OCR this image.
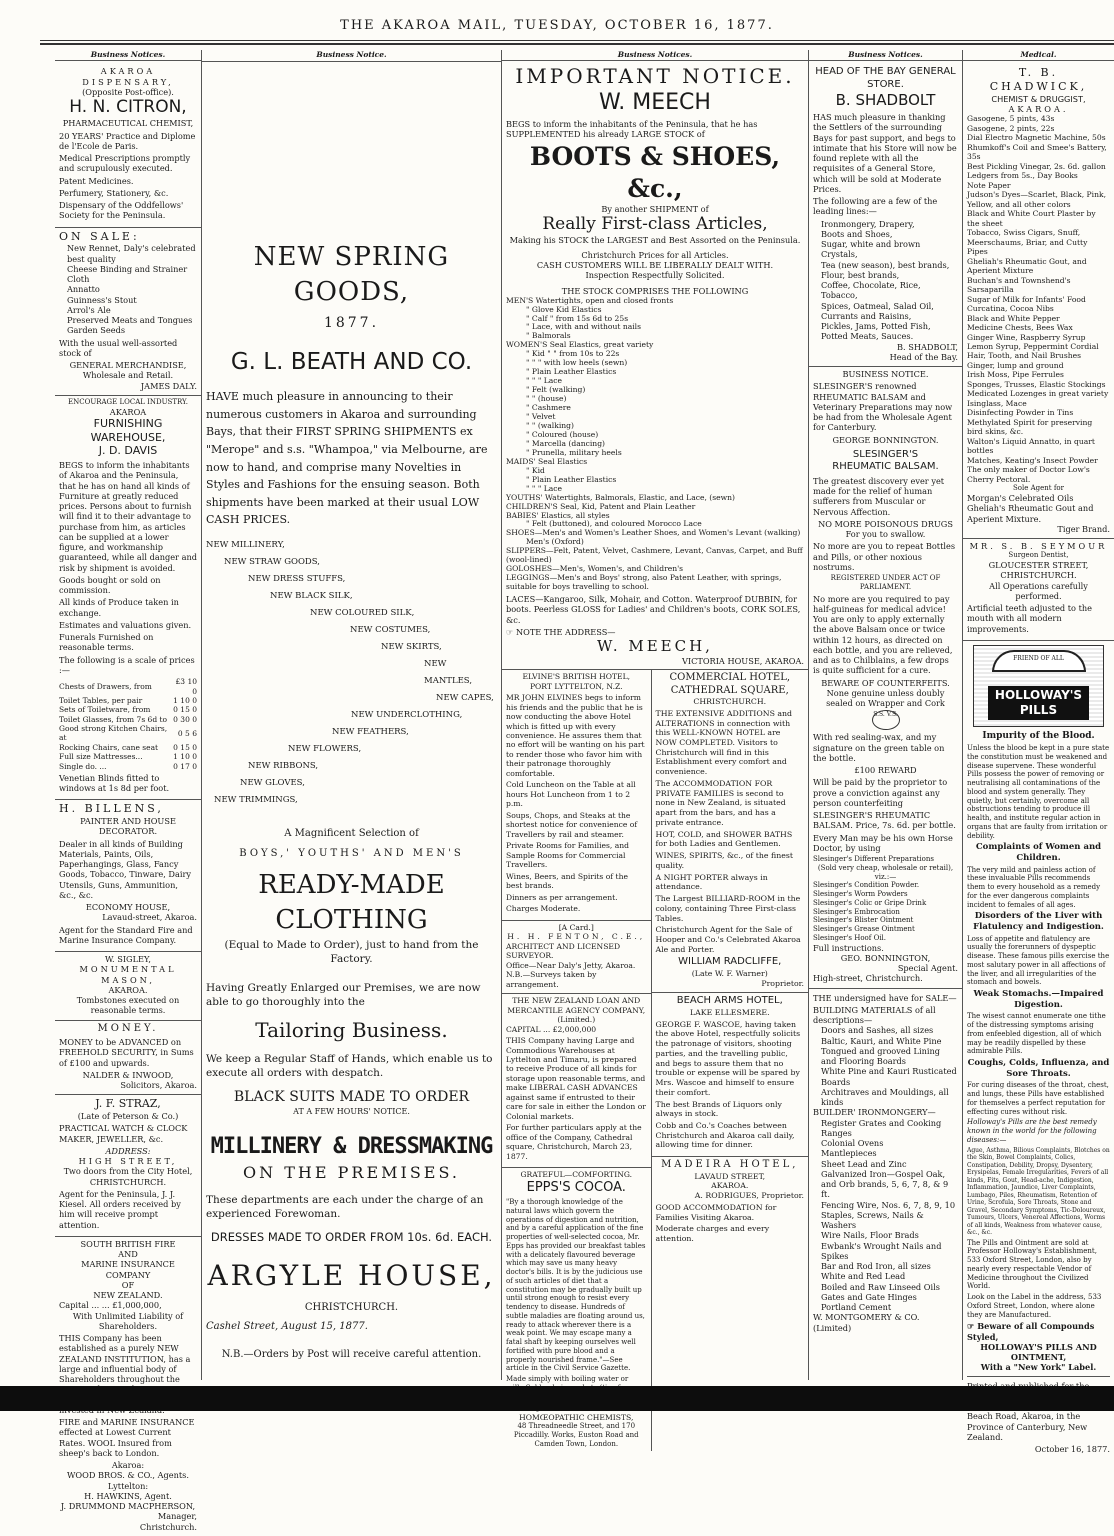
THE AKAROA MAIL, TUESDAY, OCTOBER 16, 1877.
Business Notices.
AKAROA DISPENSARY,
(Opposite Post-office).
H. N. CITRON,
PHARMACEUTICAL CHEMIST,

20 YEARS' Practice and Diplome de l'Ecole de Paris.

Medical Prescriptions promptly and scrupulously executed.

Patent Medicines.

Perfumery, Stationery, &c.

Dispensary of the Oddfellows' Society for the Peninsula.

ON SALE:
New Rennet, Daly's celebrated best quality
Cheese Binding and Strainer Cloth
Annatto
Guinness's Stout
Arrol's Ale
Preserved Meats and Tongues
Garden Seeds

With the usual well-assorted stock of

GENERAL MERCHANDISE,
Wholesale and Retail.
JAMES DALY.
ENCOURAGE LOCAL INDUSTRY.
AKAROA
FURNISHING WAREHOUSE,
J. D. DAVIS

BEGS to inform the inhabitants of Akaroa and the Peninsula, that he has on hand all kinds of Furniture at greatly reduced prices. Persons about to furnish will find it to their advantage to purchase from him, as articles can be supplied at a lower figure, and workmanship guaranteed, while all danger and risk by shipment is avoided.

Goods bought or sold on commission.

All kinds of Produce taken in exchange.

Estimates and valuations given.

Funerals Furnished on reasonable terms.

The following is a scale of prices :—

Chests of Drawers, from	£3 10 0
Toilet Tables, per pair	1 10 0
Sets of Toiletware, from	0 15 0
Toilet Glasses, from 7s 6d to	0 30 0
Good strong Kitchen Chairs, at	0 5 6
Rocking Chairs, cane seat	0 15 0
Full size Mattresses...	1 10 0
Single do. ...	0 17 0

Venetian Blinds fitted to windows at 1s 8d per foot.

H. BILLENS,
PAINTER AND HOUSE DECORATOR.

Dealer in all kinds of Building Materials, Paints, Oils, Paperhangings, Glass, Fancy Goods, Tobacco, Tinware, Dairy Utensils, Guns, Ammunition, &c., &c.

ECONOMY HOUSE,
Lavaud-street, Akaroa.

Agent for the Standard Fire and Marine Insurance Company.

W. SIGLEY,
MONUMENTAL MASON,
AKAROA.
Tombstones executed on reasonable terms.
MONEY.

MONEY to be ADVANCED on FREEHOLD SECURITY, in Sums of £100 and upwards.

NALDER & INWOOD,
Solicitors, Akaroa.
J. F. STRAZ,
(Late of Peterson & Co.)

PRACTICAL WATCH & CLOCK MAKER, JEWELLER, &c.

ADDRESS:
HIGH STREET,
Two doors from the City Hotel,
CHRISTCHURCH.

Agent for the Peninsula, J. J. Kiesel. All orders received by him will receive prompt attention.

SOUTH BRITISH FIRE
AND
MARINE INSURANCE COMPANY
OF
NEW ZEALAND.
Capital ... ... £1,000,000,
With Unlimited Liability of Shareholders.

THIS Company has been established as a purely NEW ZEALAND INSTITUTION, has a large and influential body of Shareholders throughout the

FIRE and MARINE INSURANCE effected at Lowest Current Rates. WOOL Insured from sheep's back to London.

Akaroa:
WOOD BROS. & CO., Agents.
Lyttelton:
H. HAWKINS, Agent.
J. DRUMMOND MACPHERSON,
Manager,
Christchurch.
Business Notice.
NEW SPRING GOODS,
1877.
G. L. BEATH AND CO.

HAVE much pleasure in announcing to their numerous customers in Akaroa and surrounding Bays, that their FIRST SPRING SHIPMENTS ex "Merope" and s.s. "Whampoa," via Melbourne, are now to hand, and comprise many Novelties in Styles and Fashions for the ensuing season. Both shipments have been marked at their usual LOW CASH PRICES.

NEW MILLINERY,
NEW STRAW GOODS,
NEW DRESS STUFFS,
NEW BLACK SILK,
NEW COLOURED SILK,
NEW COSTUMES,
NEW SKIRTS,
NEW MANTLES,
NEW CAPES,
NEW UNDERCLOTHING,
NEW FEATHERS,
NEW FLOWERS,
NEW RIBBONS,
NEW GLOVES,
NEW TRIMMINGS,
A Magnificent Selection of
BOYS,' YOUTHS' AND MEN'S
READY-MADE CLOTHING
(Equal to Made to Order), just to hand from the Factory.

Having Greatly Enlarged our Premises, we are now able to go thoroughly into the

Tailoring Business.

We keep a Regular Staff of Hands, which enable us to execute all orders with despatch.

BLACK SUITS MADE TO ORDER
AT A FEW HOURS' NOTICE.
MILLINERY & DRESSMAKING
ON THE PREMISES.

These departments are each under the charge of an experienced Forewoman.

DRESSES MADE TO ORDER FROM 10s. 6d. EACH.
ARGYLE HOUSE,
CHRISTCHURCH.
Cashel Street, August 15, 1877.
N.B.—Orders by Post will receive careful attention.
Business Notices.
IMPORTANT NOTICE.
W. MEECH

BEGS to inform the inhabitants of the Peninsula, that he has SUPPLEMENTED his already LARGE STOCK of

BOOTS & SHOES, &c.,
By another SHIPMENT of
Really First-class Articles,
Making his STOCK the LARGEST and Best Assorted on the Peninsula.
Christchurch Prices for all Articles.
CASH CUSTOMERS WILL BE LIBERALLY DEALT WITH.
Inspection Respectfully Solicited.
THE STOCK COMPRISES THE FOLLOWING
MEN'S Watertights, open and closed fronts
" Glove Kid Elastics
" Calf " from 15s 6d to 25s
" Lace, with and without nails
" Balmorals
WOMEN'S Seal Elastics, great variety
" Kid " " from 10s to 22s
" " " with low heels (sewn)
" Plain Leather Elastics
" " " Lace
" Felt (walking)
" " (house)
" Cashmere
" Velvet
" " (walking)
" Coloured (house)
" Marcella (dancing)
" Prunella, military heels
MAIDS' Seal Elastics
" Kid
" Plain Leather Elastics
" " " Lace
YOUTHS' Watertights, Balmorals, Elastic, and Lace, (sewn)
CHILDREN'S Seal, Kid, Patent and Plain Leather
BABIES' Elastics, all styles
" Felt (buttoned), and coloured Morocco Lace
SHOES—Men's and Women's Leather Shoes, and Women's Levant (walking)
Men's (Oxford)
SLIPPERS—Felt, Patent, Velvet, Cashmere, Levant, Canvas, Carpet, and Buff (wool-lined)
GOLOSHES—Men's, Women's, and Children's
LEGGINGS—Men's and Boys' strong, also Patent Leather, with springs, suitable for boys travelling to school.

LACES—Kangaroo, Silk, Mohair, and Cotton. Waterproof DUBBIN, for boots. Peerless GLOSS for Ladies' and Children's boots, CORK SOLES, &c.

☞ NOTE THE ADDRESS—
W. MEECH,
VICTORIA HOUSE, AKAROA.
ELVINE'S BRITISH HOTEL,
PORT LYTTELTON, N.Z.

MR JOHN ELVINES begs to inform his friends and the public that he is now conducting the above Hotel which is fitted up with every convenience. He assures them that no effort will be wanting on his part to render those who favor him with their patronage thoroughly comfortable.

Cold Luncheon on the Table at all hours Hot Luncheon from 1 to 2 p.m.

Soups, Chops, and Steaks at the shortest notice for convenience of Travellers by rail and steamer.

Private Rooms for Families, and Sample Rooms for Commercial Travellers.

Wines, Beers, and Spirits of the best brands.

Dinners as per arrangement.

Charges Moderate.

[A Card.]
H. H. FENTON, C.E.,
ARCHITECT AND LICENSED SURVEYOR.
Office—Near Daly's Jetty, Akaroa.
N.B.—Surveys taken by arrangement.
THE NEW ZEALAND LOAN AND MERCANTILE AGENCY COMPANY,
(Limited.)
CAPITAL ... £2,000,000

THIS Company having Large and Commodious Warehouses at Lyttelton and Timaru, is prepared to receive Produce of all kinds for storage upon reasonable terms, and make LIBERAL CASH ADVANCES against same if entrusted to their care for sale in either the London or Colonial markets.

For further particulars apply at the office of the Company, Cathedral square, Christchurch, March 23, 1877.

GRATEFUL—COMFORTING.
EPPS'S COCOA.

"By a thorough knowledge of the natural laws which govern the operations of digestion and nutrition, and by a careful application of the fine properties of well-selected cocoa, Mr. Epps has provided our breakfast tables with a delicately flavoured beverage which may save us many heavy doctor's bills. It is by the judicious use of such articles of diet that a constitution may be gradually built up until strong enough to resist every tendency to disease. Hundreds of subtle maladies are floating around us, ready to attack wherever there is a weak point. We may escape many a fatal shaft by keeping ourselves well fortified with pure blood and a properly nourished frame."—See article in the Civil Service Gazette.

Made simply with boiling water or

HOMŒOPATHIC CHEMISTS,
48 Threadneedle Street, and 170 Piccadilly. Works, Euston Road and Camden Town, London.
COMMERCIAL HOTEL,
CATHEDRAL SQUARE,
CHRISTCHURCH.

THE EXTENSIVE ADDITIONS and ALTERATIONS in connection with this WELL-KNOWN HOTEL are NOW COMPLETED. Visitors to Christchurch will find in this Establishment every comfort and convenience.

The ACCOMMODATION FOR PRIVATE FAMILIES is second to none in New Zealand, is situated apart from the bars, and has a private entrance.

HOT, COLD, and SHOWER BATHS for both Ladies and Gentlemen.

WINES, SPIRITS, &c., of the finest quality.

A NIGHT PORTER always in attendance.

The Largest BILLIARD-ROOM in the colony, containing Three First-class Tables.

Christchurch Agent for the Sale of Hooper and Co.'s Celebrated Akaroa Ale and Porter.

WILLIAM RADCLIFFE,
(Late W. F. Warner)
Proprietor.
BEACH ARMS HOTEL,
LAKE ELLESMERE.

GEORGE F. WASCOE, having taken the above Hotel, respectfully solicits the patronage of visitors, shooting parties, and the travelling public, and begs to assure them that no trouble or expense will be spared by Mrs. Wascoe and himself to ensure their comfort.

The best Brands of Liquors only always in stock.

Cobb and Co.'s Coaches between Christchurch and Akaroa call daily, allowing time for dinner.

MADEIRA HOTEL,
LAVAUD STREET,
AKAROA.
A. RODRIGUES, Proprietor.

GOOD ACCOMMODATION for Families Visiting Akaroa.

Moderate charges and every attention.

Business Notices.
HEAD OF THE BAY GENERAL STORE.
B. SHADBOLT

HAS much pleasure in thanking the Settlers of the surrounding Bays for past support, and begs to intimate that his Store will now be found replete with all the requisites of a General Store, which will be sold at Moderate Prices.

The following are a few of the leading lines:—

Ironmongery, Drapery,
Boots and Shoes,
Sugar, white and brown Crystals,
Tea (new season), best brands,
Flour, best brands,
Coffee, Chocolate, Rice, Tobacco,
Spices, Oatmeal, Salad Oil,
Currants and Raisins,
Pickles, Jams, Potted Fish,
Potted Meats, Sauces.
B. SHADBOLT,
Head of the Bay.
BUSINESS NOTICE.

SLESINGER'S renowned RHEUMATIC BALSAM and Veterinary Preparations may now be had from the Wholesale Agent for Canterbury.

GEORGE BONNINGTON.
SLESINGER'S
RHEUMATIC BALSAM.

The greatest discovery ever yet made for the relief of human sufferers from Muscular or Nervous Affection.

NO MORE POISONOUS DRUGS
For you to swallow.

No more are you to repeat Bottles and Pills, or other noxious nostrums.

REGISTERED UNDER ACT OF PARLIAMENT.

No more are you required to pay half-guineas for medical advice! You are only to apply externally the above Balsam once or twice within 12 hours, as directed on each bottle, and you are relieved, and as to Chilblains, a few drops is quite sufficient for a cure.

BEWARE OF COUNTERFEITS.
None genuine unless doubly sealed on Wrapper and Cork
S.S. V.S.

With red sealing-wax, and my signature on the green table on the bottle.

£100 REWARD

Will be paid by the proprietor to prove a conviction against any person counterfeiting

SLESINGER'S RHEUMATIC BALSAM. Price, 7s. 6d. per bottle.

Every Man may be his own Horse Doctor, by using

Slesinger's Different Preparations
(Sold very cheap, wholesale or retail), viz.:—
Slesinger's Condition Powder.
Slesinger's Worm Powders
Slesinger's Colic or Gripe Drink
Slesinger's Embrocation
Slesinger's Blister Ointment
Slesinger's Grease Ointment
Slesinger's Hoof Oil.
Full instructions.
GEO. BONNINGTON,
Special Agent.
High-street, Christchurch.

THE undersigned have for SALE—

BUILDING MATERIALS of all descriptions—
Doors and Sashes, all sizes
Baltic, Kauri, and White Pine
Tongued and grooved Lining and Flooring Boards
White Pine and Kauri Rusticated Boards
Architraves and Mouldings, all kinds
BUILDER' IRONMONGERY—
Register Grates and Cooking Ranges
Colonial Ovens
Mantlepieces
Sheet Lead and Zinc
Galvanized Iron—Gospel Oak, and Orb brands, 5, 6, 7, 8, & 9 ft.
Fencing Wire, Nos. 6, 7, 8, 9, 10
Staples, Screws, Nails & Washers
Wire Nails, Floor Brads
Ewbank's Wrought Nails and Spikes
Bar and Rod Iron, all sizes
White and Red Lead
Boiled and Raw Linseed Oils
Gates and Gate Hinges
Portland Cement
W. MONTGOMERY & CO. (Limited)
Medical.
T. B. CHADWICK,
CHEMIST & DRUGGIST,
AKAROA.
Gasogene, 5 pints, 43s
Gasogene, 2 pints, 22s
Dial Electro Magnetic Machine, 50s
Rhumkoff's Coil and Smee's Battery, 35s
Best Pickling Vinegar, 2s. 6d. gallon
Ledgers from 5s., Day Books
Note Paper
Judson's Dyes—Scarlet, Black, Pink, Yellow, and all other colors
Black and White Court Plaster by the sheet
Tobacco, Swiss Cigars, Snuff, Meerschaums, Briar, and Cutty Pipes
Gheliah's Rheumatic Gout, and Aperient Mixture
Buchan's and Townshend's Sarsaparilla
Sugar of Milk for Infants' Food
Curcatina, Cocoa Nibs
Black and White Pepper
Medicine Chests, Bees Wax
Ginger Wine, Raspberry Syrup
Lemon Syrup, Peppermint Cordial
Hair, Tooth, and Nail Brushes
Ginger, lump and ground
Irish Moss, Pipe Ferrules
Sponges, Trusses, Elastic Stockings
Medicated Lozenges in great variety
Isinglass, Mace
Disinfecting Powder in Tins
Methylated Spirit for preserving bird skins, &c.
Walton's Liquid Annatto, in quart bottles
Matches, Keating's Insect Powder
The only maker of Doctor Low's Cherry Pectoral.
Sole Agent for
Morgan's Celebrated Oils
Gheliah's Rheumatic Gout and Aperient Mixture.
Tiger Brand.
MR. S. B. SEYMOUR
Surgeon Dentist,
GLOUCESTER STREET,
CHRISTCHURCH.
All Operations carefully performed.

Artificial teeth adjusted to the mouth with all modern improvements.

FRIEND OF ALL
HOLLOWAY'S PILLS
Impurity of the Blood.

Unless the blood be kept in a pure state the constitution must be weakened and disease supervene. These wonderful Pills possess the power of removing or neutralising all contaminations of the blood and system generally. They quietly, but certainly, overcome all obstructions tending to produce ill health, and institute regular action in organs that are faulty from irritation or debility.

Complaints of Women and Children.

The very mild and painless action of these invaluable Pills recommends them to every household as a remedy for the ever dangerous complaints incident to females of all ages.

Disorders of the Liver with Flatulency and Indigestion.

Loss of appetite and flatulency are usually the forerunners of dyspeptic disease. These famous pills exercise the most salutary power in all affections of the liver, and all irregularities of the stomach and bowels.

Weak Stomachs.—Impaired Digestion.

The wisest cannot enumerate one tithe of the distressing symptoms arising from enfeebled digestion, all of which may be readily dispelled by these admirable Pills.

Coughs, Colds, Influenza, and Sore Throats.

For curing diseases of the throat, chest, and lungs, these Pills have established for themselves a perfect reputation for effecting cures without risk.

Holloway's Pills are the best remedy known in the world for the following diseases:—

Ague, Asthma, Bilious Complaints, Blotches on the Skin, Bowel Complaints, Colics, Constipation, Debility, Dropsy, Dysentery, Erysipelas, Female Irregularities, Fevers of all kinds, Fits, Gout, Head-ache, Indigestion, Inflammation, Jaundice, Liver Complaints, Lumbago, Piles, Rheumatism, Retention of Urine, Scrofula, Sore Throats, Stone and Gravel, Secondary Symptoms, Tic-Doloureux, Tumours, Ulcers, Venereal Affections, Worms of all kinds, Weakness from whatever cause, &c., &c.

The Pills and Ointment are sold at Professor Holloway's Establishment, 533 Oxford Street, London, also by nearly every respectable Vendor of Medicine throughout the Civilized World.

Look on the Label in the address, 533 Oxford Street, London, where alone they are Manufactured.

☞ Beware of all Compounds Styled,
HOLLOWAY'S PILLS AND OINTMENT,
With a "New York" Label.

Beach Road, Akaroa, in the Province of Canterbury, New Zealand.

October 16, 1877.
